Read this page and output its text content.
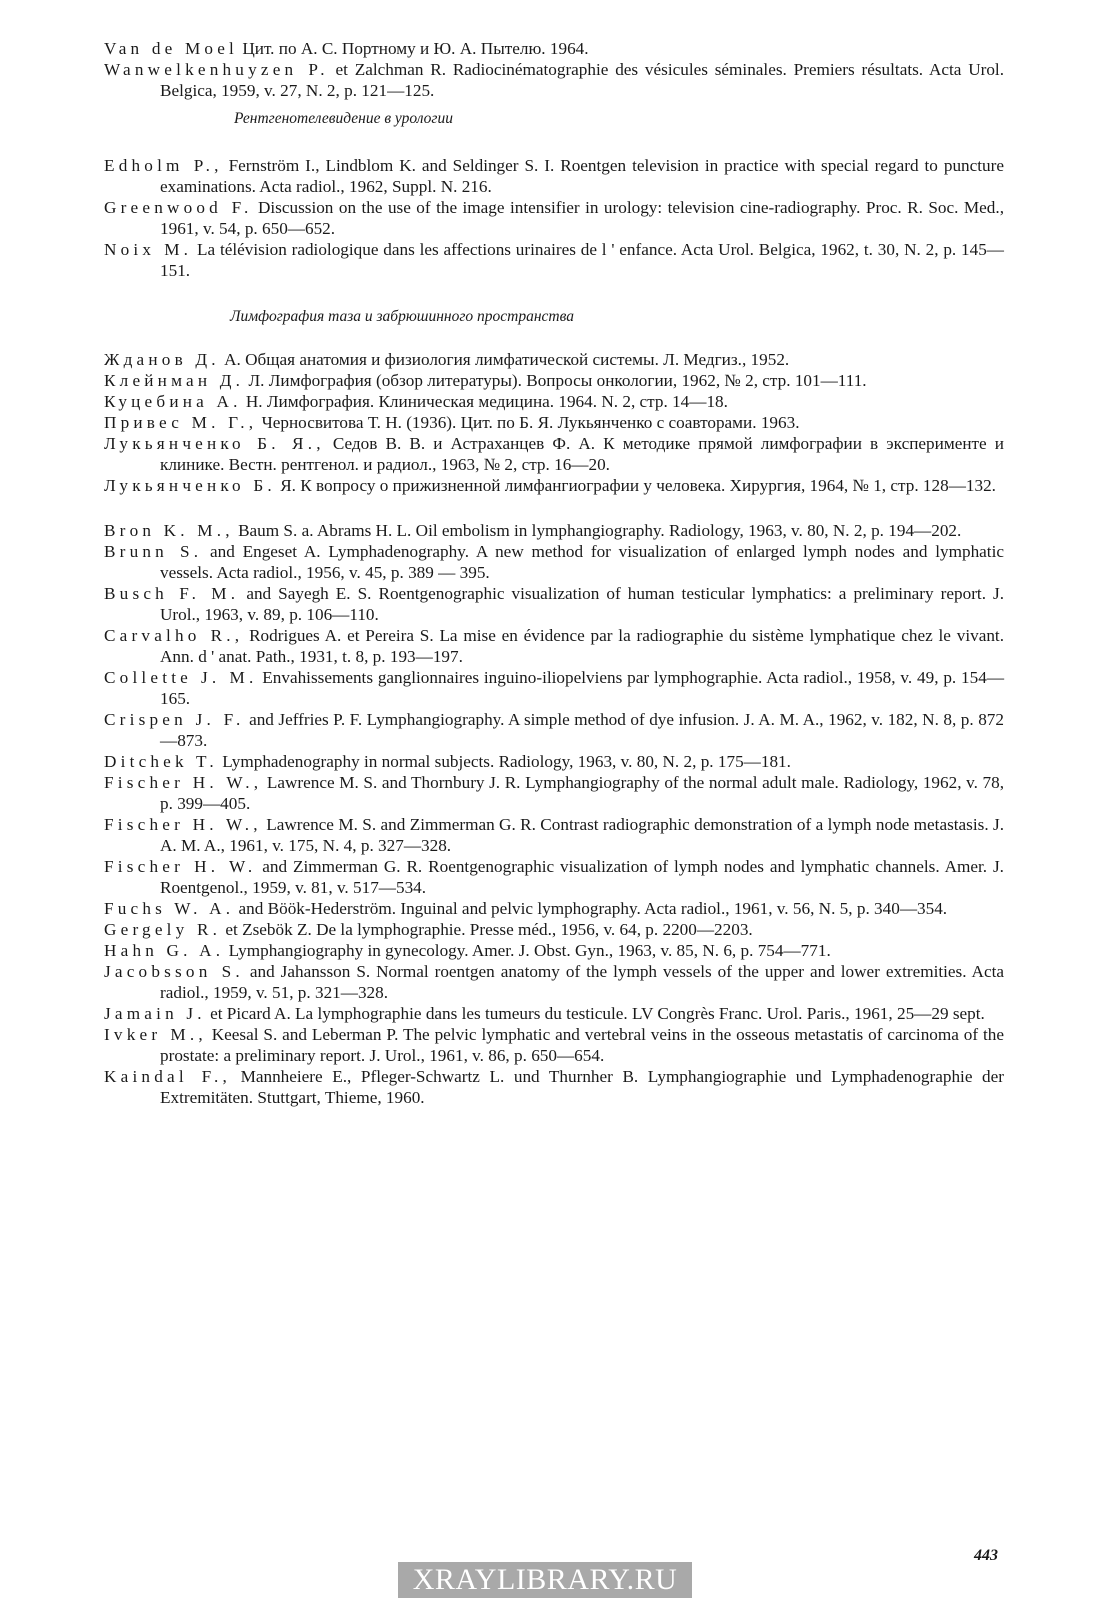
Van de Moel Цит. по А. С. Портному и Ю. А. Пытелю. 1964.

Wanwelkenhuyzen P. et Zalchman R. Radiocinématographie des vésicules séminales. Premiers résultats. Acta Urol. Belgica, 1959, v. 27, N. 2, p. 121—125.

Рентгенотелевидение в урологии

Edholm P., Fernström I., Lindblom K. and Seldinger S. I. Roentgen television in practice with special regard to puncture examinations. Acta radiol., 1962, Suppl. N. 216.

Greenwood F. Discussion on the use of the image intensifier in urology: television cine-radiography. Proc. R. Soc. Med., 1961, v. 54, p. 650—652.

Noix M. La télévision radiologique dans les affections urinaires de l ' enfance. Acta Urol. Belgica, 1962, t. 30, N. 2, p. 145—151.

Лимфография таза и забрюшинного пространства

Жданов Д. А. Общая анатомия и физиология лимфатической системы. Л. Медгиз., 1952.

Клейнман Д. Л. Лимфография (обзор литературы). Вопросы онкологии, 1962, № 2, стр. 101—111.

Куцебина А. Н. Лимфография. Клиническая медицина. 1964. N. 2, стр. 14—18.

Привес М. Г., Черносвитова Т. Н. (1936). Цит. по Б. Я. Лукьянченко с соавторами. 1963.

Лукьянченко Б. Я., Седов В. В. и Астраханцев Ф. А. К методике прямой лимфографии в эксперименте и клинике. Вестн. рентгенол. и радиол., 1963, № 2, стр. 16—20.

Лукьянченко Б. Я. К вопросу о прижизненной лимфангиографии у человека. Хирургия, 1964, № 1, стр. 128—132.

Bron K. M., Baum S. a. Abrams H. L. Oil embolism in lymphangiography. Radiology, 1963, v. 80, N. 2, p. 194—202.

Brunn S. and Engeset A. Lymphadenography. A new method for visualization of enlarged lymph nodes and lymphatic vessels. Acta radiol., 1956, v. 45, p. 389 — 395.

Busch F. M. and Sayegh E. S. Roentgenographic visualization of human testicular lymphatics: a preliminary report. J. Urol., 1963, v. 89, p. 106—110.

Carvalho R., Rodrigues A. et Pereira S. La mise en évidence par la radiographie du sistème lymphatique chez le vivant. Ann. d ' anat. Path., 1931, t. 8, p. 193—197.

Collette J. M. Envahissements ganglionnaires inguino-iliopelviens par lymphographie. Acta radiol., 1958, v. 49, p. 154—165.

Crispen J. F. and Jeffries P. F. Lymphangiography. A simple method of dye infusion. J. A. M. A., 1962, v. 182, N. 8, p. 872—873.

Ditchek T. Lymphadenography in normal subjects. Radiology, 1963, v. 80, N. 2, p. 175—181.

Fischer H. W., Lawrence M. S. and Thornbury J. R. Lymphangiography of the normal adult male. Radiology, 1962, v. 78, p. 399—405.

Fischer H. W., Lawrence M. S. and Zimmerman G. R. Contrast radiographic demonstration of a lymph node metastasis. J. A. M. A., 1961, v. 175, N. 4, p. 327—328.

Fischer H. W. and Zimmerman G. R. Roentgenographic visualization of lymph nodes and lymphatic channels. Amer. J. Roentgenol., 1959, v. 81, v. 517—534.

Fuchs W. A. and Böök-Hederström. Inguinal and pelvic lymphography. Acta radiol., 1961, v. 56, N. 5, p. 340—354.

Gergely R. et Zsebök Z. De la lymphographie. Presse méd., 1956, v. 64, p. 2200—2203.

Hahn G. A. Lymphangiography in gynecology. Amer. J. Obst. Gyn., 1963, v. 85, N. 6, p. 754—771.

Jacobsson S. and Jahansson S. Normal roentgen anatomy of the lymph vessels of the upper and lower extremities. Acta radiol., 1959, v. 51, p. 321—328.

Jamain J. et Picard A. La lymphographie dans les tumeurs du testicule. LV Congrès Franc. Urol. Paris., 1961, 25—29 sept.

Ivker M., Keesal S. and Leberman P. The pelvic lymphatic and vertebral veins in the osseous metastatis of carcinoma of the prostate: a preliminary report. J. Urol., 1961, v. 86, p. 650—654.

Kaindal F., Mannheiere E., Pfleger-Schwartz L. und Thurnher B. Lymphangiographie und Lymphadenographie der Extremitäten. Stuttgart, Thieme, 1960.

443
XRAYLIBRARY.RU
